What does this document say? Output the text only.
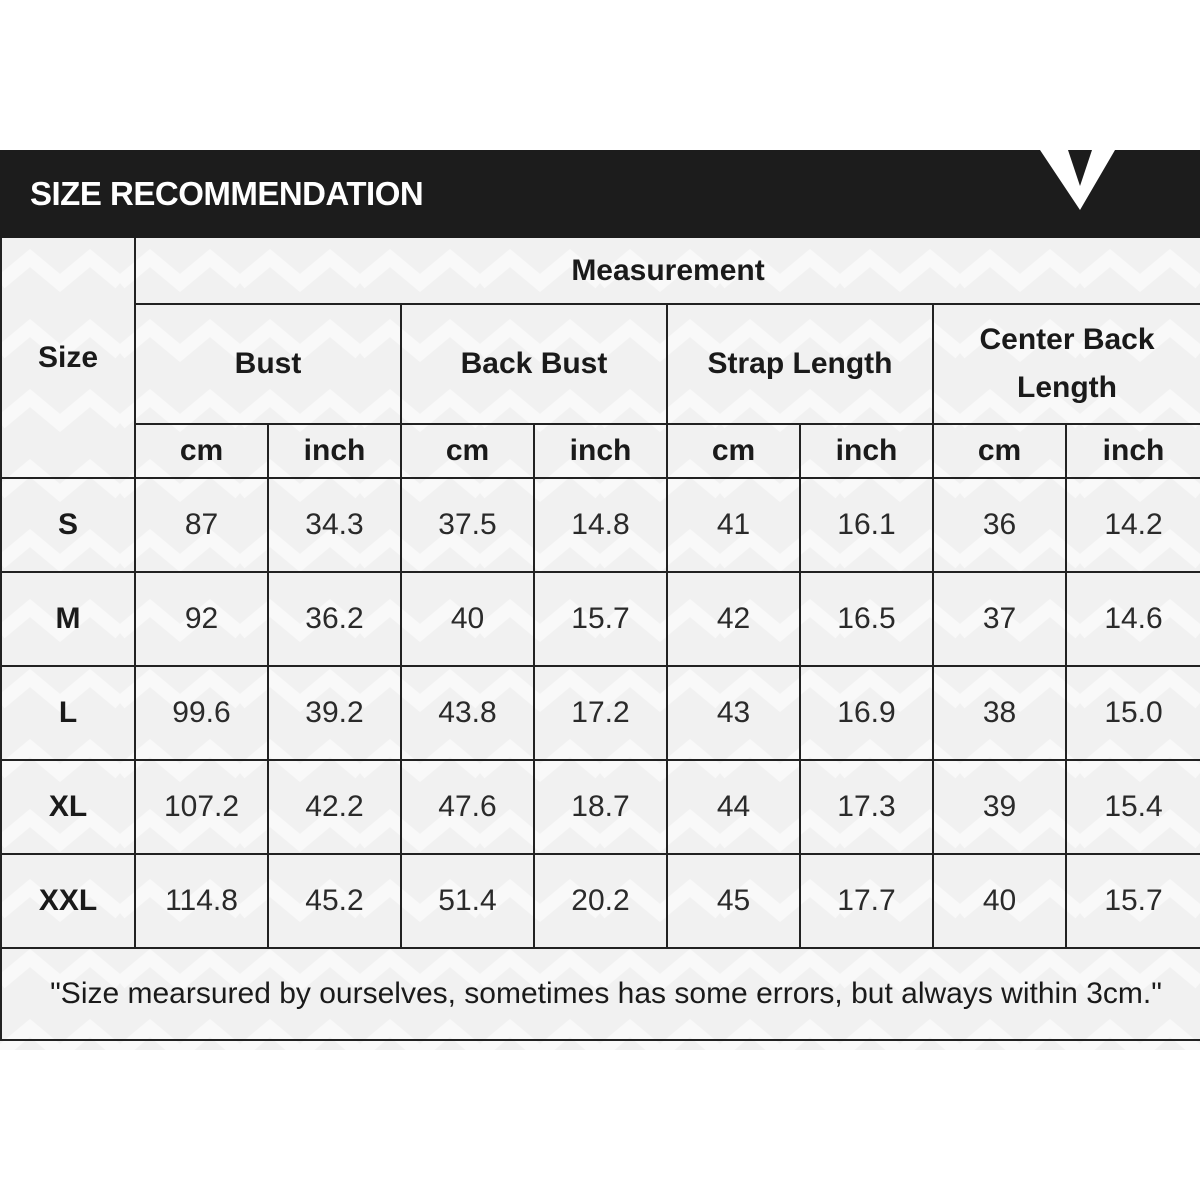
SIZE RECOMMENDATION
Size	Measurement							
	Bust		Back Bust		Strap Length		Center Back Length	
	cm	inch	cm	inch	cm	inch	cm	inch
S	87	34.3	37.5	14.8	41	16.1	36	14.2
M	92	36.2	40	15.7	42	16.5	37	14.6
L	99.6	39.2	43.8	17.2	43	16.9	38	15.0
XL	107.2	42.2	47.6	18.7	44	17.3	39	15.4
XXL	114.8	45.2	51.4	20.2	45	17.7	40	15.7
"Size mearsured by ourselves, sometimes has some errors, but always within 3cm."								
